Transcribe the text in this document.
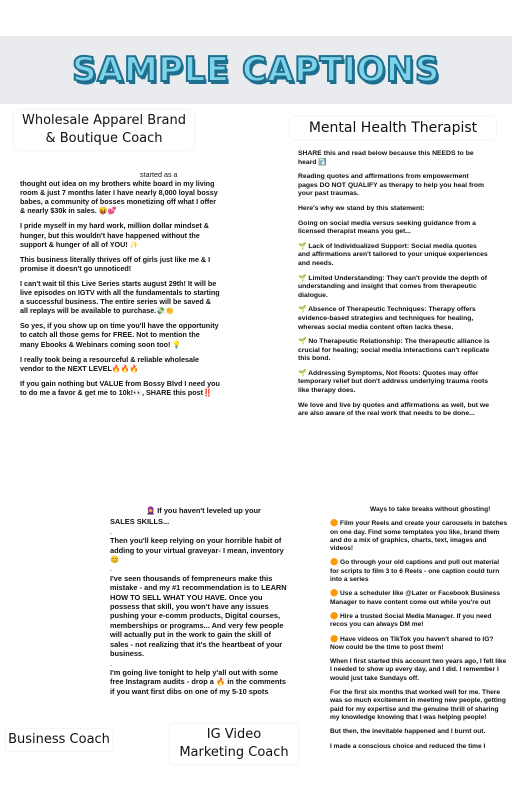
SAMPLE CAPTIONS

started as a

thought out idea on my brothers white board in my living room & just 7 months later I have nearly 8,000 loyal bossy babes, a community of bosses monetizing off what I offer & nearly $30k in sales. 😝💕

I pride myself in my hard work, million dollar mindset & hunger, but this wouldn't have happened without the support & hunger of all of YOU! ✨

This business literally thrives off of girls just like me & I promise it doesn't go unnoticed!

I can't wait til this Live Series starts august 29th! It will be live episodes on IGTV with all the fundamentals to starting a successful business. The entire series will be saved & all replays will be available to purchase.💸👏

So yes, if you show up on time you'll have the opportunity to catch all those gems for FREE. Not to mention the many Ebooks & Webinars coming soon too! 💡

I really took being a resourceful & reliable wholesale vendor to the NEXT LEVEL🔥🔥🔥

If you gain nothing but VALUE from Bossy Blvd I need you to do me a favor & get me to 10k!👀, SHARE this post‼️

SHARE this and read below because this NEEDS to be heard ⤵️

Reading quotes and affirmations from empowerment pages DO NOT QUALIFY as therapy to help you heal from your past traumas.

Here's why we stand by this statement:

Going on social media versus seeking guidance from a licensed therapist means you get...

🌱 Lack of Individualized Support: Social media quotes and affirmations aren't tailored to your unique experiences and needs.

🌱 Limited Understanding: They can't provide the depth of understanding and insight that comes from therapeutic dialogue.

🌱 Absence of Therapeutic Techniques: Therapy offers evidence-based strategies and techniques for healing, whereas social media content often lacks these.

🌱 No Therapeutic Relationship: The therapeutic alliance is crucial for healing; social media interactions can't replicate this bond.

🌱 Addressing Symptoms, Not Roots: Quotes may offer temporary relief but don't address underlying trauma roots like therapy does.

We love and live by quotes and affirmations as well, but we are also aware of the real work that needs to be done...

🧕 If you haven't leveled up your

SALES SKILLS...

.

Then you'll keep relying on your horrible habit of adding to your virtual graveyar- I mean, inventory 😊

.

I've seen thousands of fempreneurs make this mistake - and my #1 recommendation is to LEARN HOW TO SELL WHAT YOU HAVE. Once you possess that skill, you won't have any issues pushing your e-comm products, Digital courses, memberships or programs... And very few people will actually put in the work to gain the skill of sales - not realizing that it's the heartbeat of your business.

.

I'm going live tonight to help y'all out with some free Instagram audits - drop a 🔥 in the comments if you want first dibs on one of my 5-10 spots

Ways to take breaks without ghosting!

🟠 Film your Reels and create your carousels in batches on one day. Find some templates you like, brand them and do a mix of graphics, charts, text, images and videos!

🟠 Go through your old captions and pull out material for scripts to film 3 to 6 Reels - one caption could turn into a series

🟠 Use a scheduler like @Later or Facebook Business Manager to have content come out while you're out

🟠 Hire a trusted Social Media Manager. If you need recos you can always DM me!

🟠 Have videos on TikTok you haven't shared to IG? Now could be the time to post them!

When I first started this account two years ago, I felt like I needed to show up every day, and I did. I remember I would just take Sundays off.

For the first six months that worked well for me. There was so much excitement in meeting new people, getting paid for my expertise and the genuine thrill of sharing my knowledge knowing that I was helping people!

But then, the inevitable happened and I burnt out.

I made a conscious choice and reduced the time I

Wholesale Apparel Brand
& Boutique Coach
Mental Health Therapist
Business Coach	IG Video
Marketing Coach
